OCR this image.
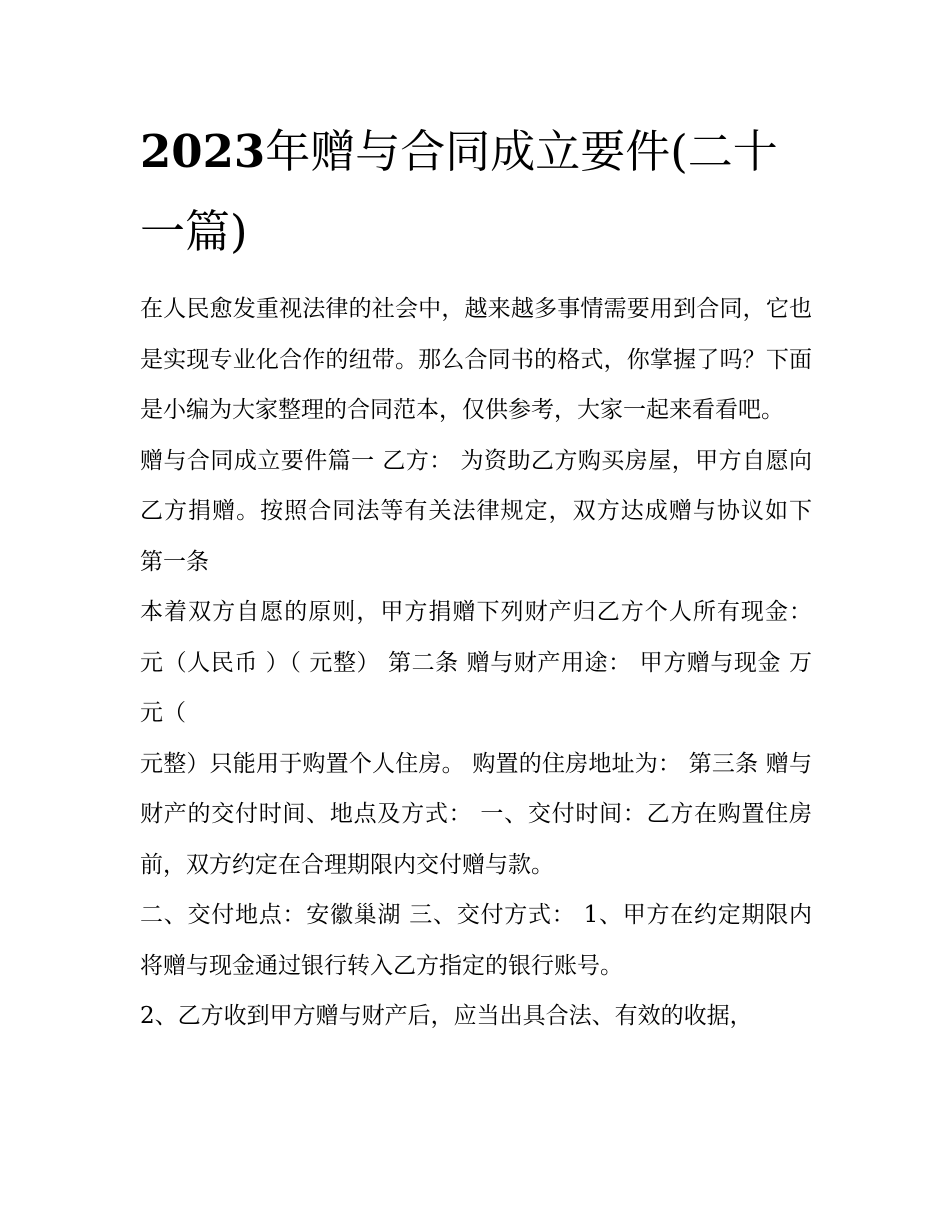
2023年赠与合同成立要件(二十一篇)

在人民愈发重视法律的社会中，越来越多事情需要用到合同，它也是实现专业化合作的纽带。那么合同书的格式，你掌握了吗？下面是小编为大家整理的合同范本，仅供参考，大家一起来看看吧。

赠与合同成立要件篇一 乙方： 为资助乙方购买房屋，甲方自愿向乙方捐赠。按照合同法等有关法律规定，双方达成赠与协议如下 第一条

本着双方自愿的原则，甲方捐赠下列财产归乙方个人所有现金： 元（人民币 ）（ 元整） 第二条 赠与财产用途： 甲方赠与现金 万元（

元整）只能用于购置个人住房。 购置的住房地址为： 第三条 赠与财产的交付时间、地点及方式： 一、交付时间：乙方在购置住房前，双方约定在合理期限内交付赠与款。

二、交付地点：安徽巢湖 三、交付方式： 1、甲方在约定期限内将赠与现金通过银行转入乙方指定的银行账号。

2、乙方收到甲方赠与财产后，应当出具合法、有效的收据，
